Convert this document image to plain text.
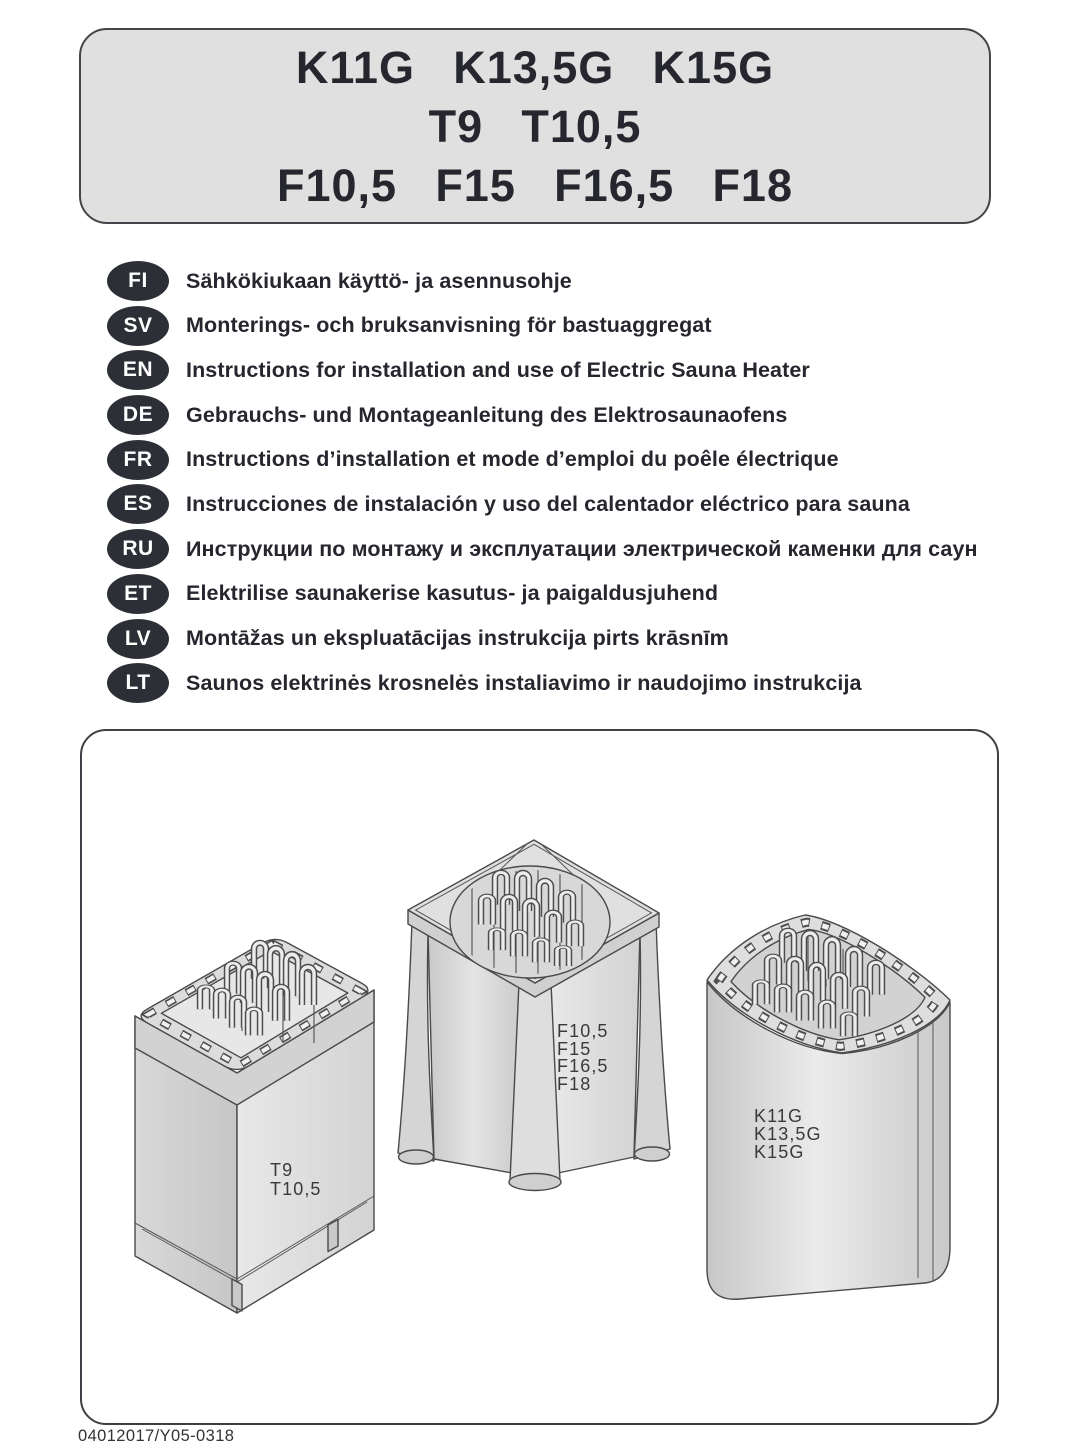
K11G K13,5G K15G
T9 T10,5
F10,5 F15 F16,5 F18
FI	Sähkökiukaan käyttö- ja asennusohje
SV	Monterings- och bruksanvisning för bastuaggregat
EN	Instructions for installation and use of Electric Sauna Heater
DE	Gebrauchs- und Montageanleitung des Elektrosaunaofens
FR	Instructions d’installation et mode d’emploi du poêle électrique
ES	Instrucciones de instalación y uso del calentador eléctrico para sauna
RU	Инструкции по монтажу и эксплуатации электрической каменки для саун
ET	Elektrilise saunakerise kasutus- ja paigaldusjuhend
LV	Montāžas un ekspluatācijas instrukcija pirts krāsnīm
LT	Saunos elektrinės krosnelės instaliavimo ir naudojimo instrukcija
T9
T10,5
F10,5
F15
F16,5
F18
K11G
K13,5G
K15G
04012017/Y05-0318
